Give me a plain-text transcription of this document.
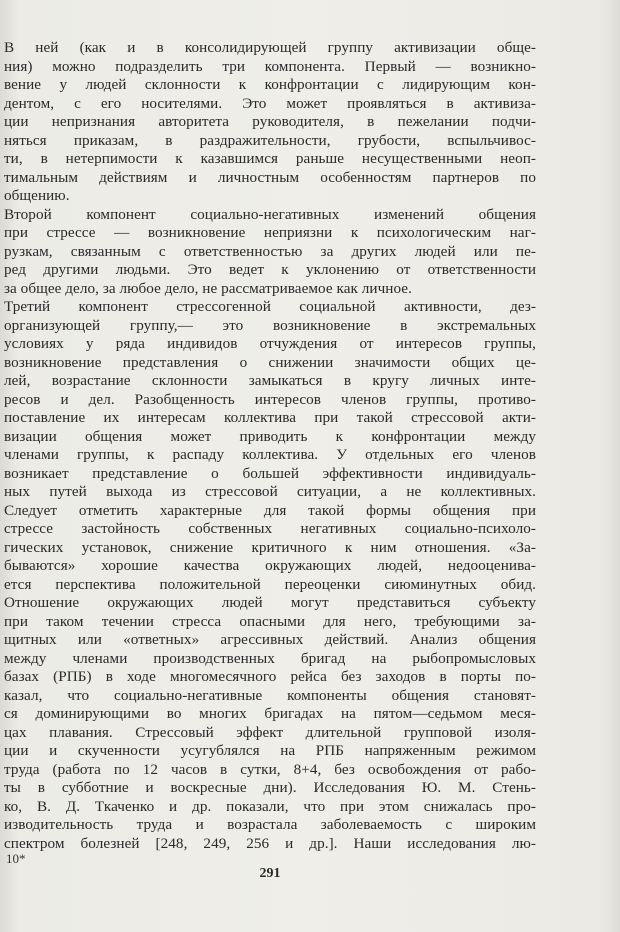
В ней (как и в консолидирующей группу активизации обще-
ния) можно подразделить три компонента. Первый — возникно-
вение у людей склонности к конфронтации с лидирующим кон-
дентом, с его носителями. Это может проявляться в активиза-
ции непризнания авторитета руководителя, в пежелании подчи-
няться приказам, в раздражительности, грубости, вспыльчивос-
ти, в нетерпимости к казавшимся раньше несущественными неоп-
тимальным действиям и личностным особенностям партнеров по
общению.
Второй компонент социально-негативных изменений общения
при стрессе — возникновение неприязни к психологическим наг-
рузкам, связанным с ответственностью за других людей или пе-
ред другими людьми. Это ведет к уклонению от ответственности
за общее дело, за любое дело, не рассматриваемое как личное.
Третий компонент стрессогенной социальной активности, дез-
организующей группу,— это возникновение в экстремальных
условиях у ряда индивидов отчуждения от интересов группы,
возникновение представления о снижении значимости общих це-
лей, возрастание склонности замыкаться в кругу личных инте-
ресов и дел. Разобщенность интересов членов группы, противо-
поставление их интересам коллектива при такой стрессовой акти-
визации общения может приводить к конфронтации между
членами группы, к распаду коллектива. У отдельных его членов
возникает представление о большей эффективности индивидуаль-
ных путей выхода из стрессовой ситуации, а не коллективных.
Следует отметить характерные для такой формы общения при
стрессе застойность собственных негативных социально-психоло-
гических установок, снижение критичного к ним отношения. «За-
бываются» хорошие качества окружающих людей, недооценива-
ется перспектива положительной переоценки сиюминутных обид.
Отношение окружающих людей могут представиться субъекту
при таком течении стресса опасными для него, требующими за-
щитных или «ответных» агрессивных действий. Анализ общения
между членами производственных бригад на рыбопромысловых
базах (РПБ) в ходе многомесячного рейса без заходов в порты по-
казал, что социально-негативные компоненты общения становят-
ся доминирующими во многих бригадах на пятом—седьмом меся-
цах плавания. Стрессовый эффект длительной групповой изоля-
ции и скученности усугублялся на РПБ напряженным режимом
труда (работа по 12 часов в сутки, 8+4, без освобождения от рабо-
ты в субботние и воскресные дни). Исследования Ю. М. Стень-
ко, В. Д. Ткаченко и др. показали, что при этом снижалась про-
изводительность труда и возрастала заболеваемость с широким
спектром болезней [248, 249, 256 и др.]. Наши исследования лю-
10*
291
